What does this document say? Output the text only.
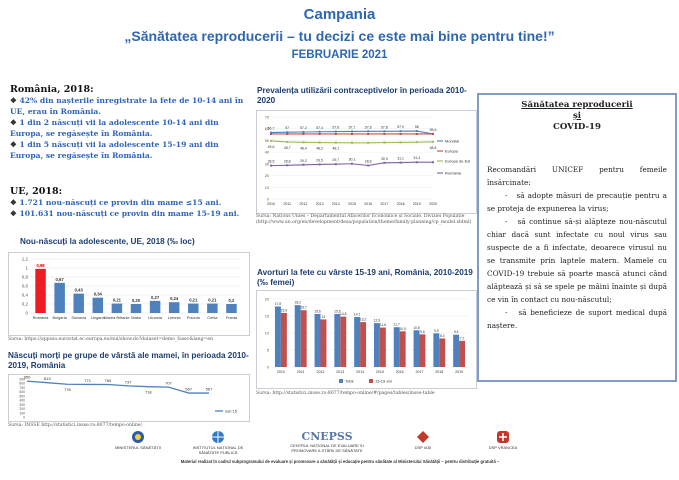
Campania
„Sănătatea reproducerii – tu decizi ce este mai bine pentru tine!”
FEBRUARIE 2021
România, 2018:
❖ 42% din nașterile înregistrate la fete de 10-14 ani în UE, erau în România.
❖ 1 din 2 născuți vii la adolescente 10-14 ani din Europa, se regăsește în România.
❖ 1 din 5 născuți vii la adolescente 15-19 ani din Europa, se regăsește în România.
UE, 2018:
❖ 1.721 nou-născuți ce provin din mame ≤15 ani.
❖ 101.631 nou-născuți ce provin din mame 15-19 ani.
Nou-născuți la adolescente, UE, 2018 (‰ loc)
1,2
1
0,8
0,6
0,4
0,2
0
0,98
România
0,67
Bulgaria
0,43
Slovacia
0,34
Ungaria
0,21
Marea Britanie
0,20
Malta
0,27
Lituania
0,24
Letonia
0,21
Polonia
0,21
Cehia
0,2
Franța
Sursa: https://appsso.eurostat.ec.europa.eu/nui/show.do?dataset=demo_fasec&lang=en
Născuți morți pe grupe de vârstă ale mamei, în perioada 2010-2019, România
900
800
700
600
500
400
300
200
100
0
850	813
776
771	769	737
718
707
567	567
sub 15
Sursa: INSSE http://statistici.insse.ro:8077/tempo-online/
Prevalența utilizării contraceptivelor în perioada 2010-2020
70
60
50
40
30
20
10
0
2010 2011 2012 2013 2014 2015 2016 2017 2018 2019 2020
Mondial
Europa
Europa de Est
România
56,7	57	57,2	57,4	57,6	57,7	57,8	57,8	57,9	58
55,6
49,6	48,7	48,4	48,2	48,1	48,8
28,5	28,8	29,2	29,5	29,7	30,1	28,6
30,9	31,1	31,4
Sursa: Nations Unies – Departamentul Afacerilor Economice și Sociale, Diviziei Populație (http://www.un.org/en/development/desa/population/theme/family-planning/cp_model.shtml)
Avorturi la fete cu vârste 15-19 ani, România, 2010-2019 (‰ femei)
20
15
10
5
0
17,8
15,9
2010
18,2
16,7
2011
15,6
14
2012
15,6
14,8
2013
14,7
13,2
2014
12,9
11,6
2015
11,7
10,5
2016
10,8
9,6
2017
9,9
8,4
2018
9,5
7,7
2019
Total	15-19 ani
Sursa: http://statistici.insse.ro:8077/tempo-online/#/pages/tables/insse-table
Sănătatea reproducerii
și
COVID-19

Recomandări UNICEF pentru femeile însărcinate:

-   să adopte măsuri de precauție pentru a se proteja de expunerea la virus;

-   să continue să-și alăpteze nou-născutul chiar dacă sunt infectate cu noul virus sau suspecte de a fi infectate, deoarece virusul nu se transmite prin laptele matern. Mamele cu COVID-19 trebuie să poarte mască atunci când alăptează și să se spele pe mâini înainte și după ce vin în contact cu nou-născutul;

-   să beneficieze de suport medical după naștere.

MINISTERUL SĂNĂTĂȚII	INSTITUTUL NAȚIONAL DE SĂNĂTATE PUBLICĂ
CNEPSS
CENTRUL NAȚIONAL DE EVALUARE ȘI PROMOVARE A STĂRII DE SĂNĂTATE
DSP IAȘI	DSP VRANCEA
Material realizat în cadrul subprogramului de evaluare și promovare a sănătății și educație pentru sănătate al Ministerului Sănătății – pentru distribuție gratuită –
